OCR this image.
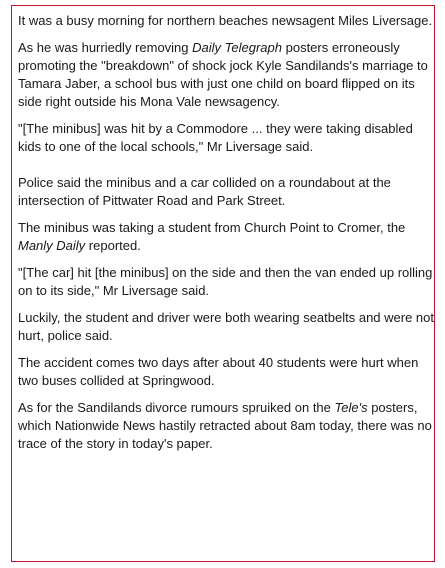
It was a busy morning for northern beaches newsagent Miles Liversage.

As he was hurriedly removing Daily Telegraph posters erroneously promoting the "breakdown" of shock jock Kyle Sandilands's marriage to Tamara Jaber, a school bus with just one child on board flipped on its side right outside his Mona Vale newsagency.

"[The minibus] was hit by a Commodore ... they were taking disabled kids to one of the local schools," Mr Liversage said.

Police said the minibus and a car collided on a roundabout at the intersection of Pittwater Road and Park Street.

The minibus was taking a student from Church Point to Cromer, the Manly Daily reported.

"[The car] hit [the minibus] on the side and then the van ended up rolling on to its side," Mr Liversage said.

Luckily, the student and driver were both wearing seatbelts and were not hurt, police said.

The accident comes two days after about 40 students were hurt when two buses collided at Springwood.

As for the Sandilands divorce rumours spruiked on the Tele's posters, which Nationwide News hastily retracted about 8am today, there was no trace of the story in today's paper.
